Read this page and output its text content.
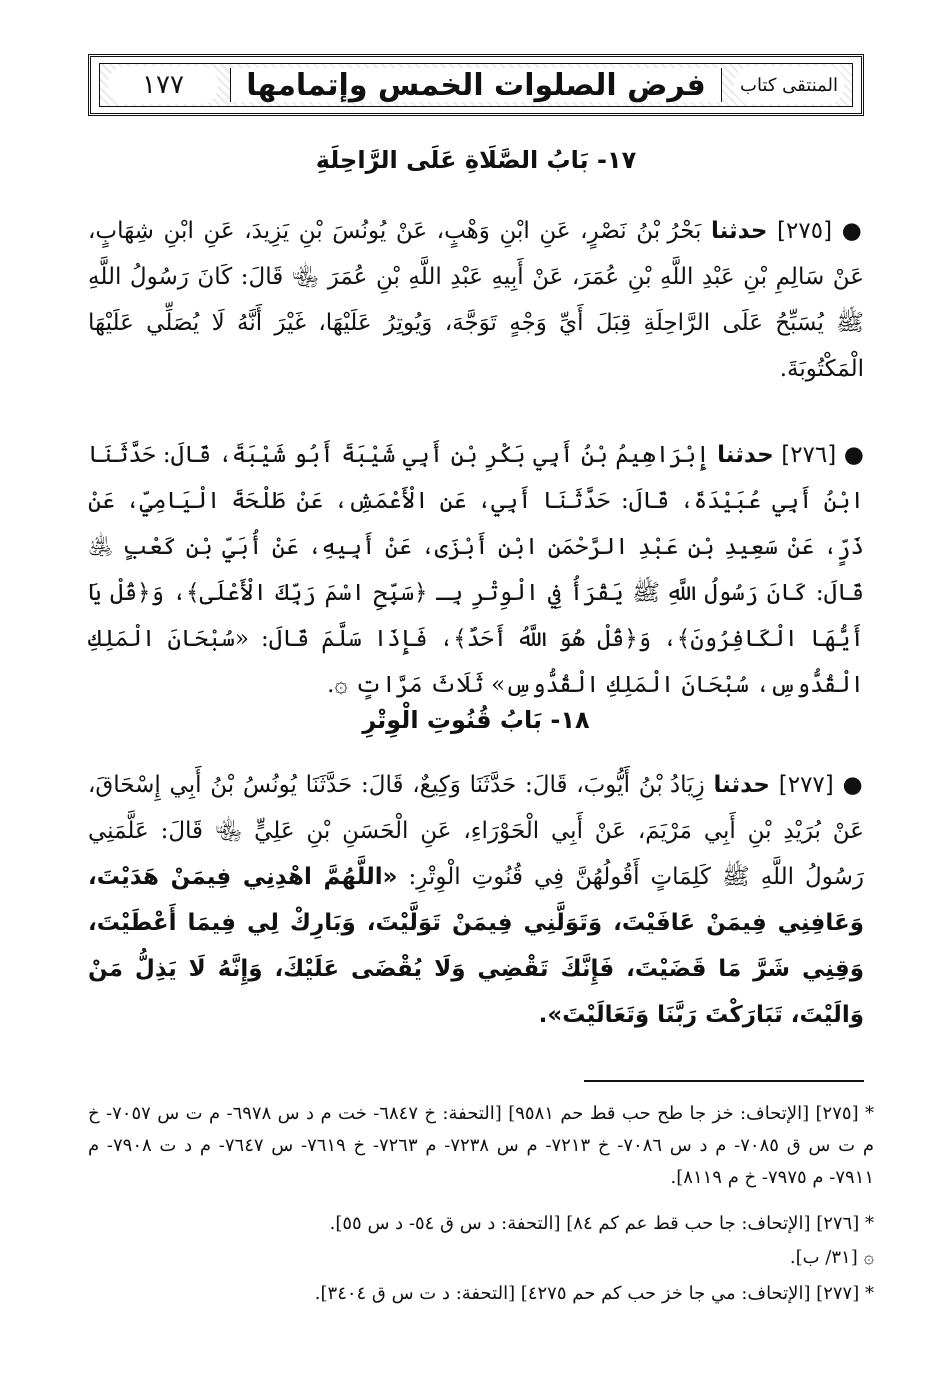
١٧٧	فرض الصلوات الخمس وإتمامها	المنتقى كتاب
١٧- بَابُ الصَّلَاةِ عَلَى الرَّاحِلَةِ
● [٢٧٥] حدثنا بَحْرُ بْنُ نَصْرٍ، عَنِ ابْنِ وَهْبٍ، عَنْ يُونُسَ بْنِ يَزِيدَ، عَنِ ابْنِ شِهَابٍ، عَنْ سَالِمِ بْنِ عَبْدِ اللَّهِ بْنِ عُمَرَ، عَنْ أَبِيهِ عَبْدِ اللَّهِ بْنِ عُمَرَ ﵄ قَالَ: كَانَ رَسُولُ اللَّهِ ﷺ يُسَبِّحُ عَلَى الرَّاحِلَةِ قِبَلَ أَيِّ وَجْهٍ تَوَجَّهَ، وَيُوتِرُ عَلَيْهَا، غَيْرَ أَنَّهُ لَا يُصَلِّي عَلَيْهَا الْمَكْتُوبَةَ.
● [٢٧٦] حدثنا إِبْرَاهِيمُ بْنُ أَبِي بَكْرِ بْنِ أَبِي شَيْبَةَ أَبُو شَيْبَةَ، قَالَ: حَدَّثَنَا ابْنُ أَبِي عُبَيْدَةَ، قَالَ: حَدَّثَنَا أَبِي، عَنِ الْأَعْمَشِ، عَنْ طَلْحَةَ الْيَامِيِّ، عَنْ ذَرٍّ، عَنْ سَعِيدِ بْنِ عَبْدِ الرَّحْمَنِ ابْنِ أَبْزَى، عَنْ أَبِيهِ، عَنْ أُبَيِّ بْنِ كَعْبٍ ﵁ قَالَ: كَانَ رَسُولُ اللَّهِ ﷺ يَقْرَأُ فِي الْوِتْرِ بِـ ﴿سَبِّحِ اسْمَ رَبِّكَ الْأَعْلَى﴾، وَ﴿قُلْ يَا أَيُّهَا الْكَافِرُونَ﴾، وَ﴿قُلْ هُوَ اللَّهُ أَحَدٌ﴾، فَإِذَا سَلَّمَ قَالَ: «سُبْحَانَ الْمَلِكِ الْقُدُّوسِ، سُبْحَانَ الْمَلِكِ الْقُدُّوسِ» ثَلَاثَ مَرَّاتٍ ۞.
١٨- بَابُ قُنُوتِ الْوِتْرِ
● [٢٧٧] حدثنا زِيَادُ بْنُ أَيُّوبَ، قَالَ: حَدَّثَنَا وَكِيعٌ، قَالَ: حَدَّثَنَا يُونُسُ بْنُ أَبِي إِسْحَاقَ، عَنْ بُرَيْدِ بْنِ أَبِي مَرْيَمَ، عَنْ أَبِي الْحَوْرَاءِ، عَنِ الْحَسَنِ بْنِ عَلِيٍّ ﵄ قَالَ: عَلَّمَنِي رَسُولُ اللَّهِ ﷺ كَلِمَاتٍ أَقُولُهُنَّ فِي قُنُوتِ الْوِتْرِ: «اللَّهُمَّ اهْدِنِي فِيمَنْ هَدَيْتَ، وَعَافِنِي فِيمَنْ عَافَيْتَ، وَتَوَلَّنِي فِيمَنْ تَوَلَّيْتَ، وَبَارِكْ لِي فِيمَا أَعْطَيْتَ، وَقِنِي شَرَّ مَا قَضَيْتَ، فَإِنَّكَ تَقْضِي وَلَا يُقْضَى عَلَيْكَ، وَإِنَّهُ لَا يَذِلُّ مَنْ وَالَيْتَ، تَبَارَكْتَ رَبَّنَا وَتَعَالَيْتَ».
* [٢٧٥] [الإتحاف: خز جا طح حب قط حم ٩٥٨١] [التحفة: خ ٦٨٤٧- خت م د س ٦٩٧٨- م ت س ٧٠٥٧- خ م ت س ق ٧٠٨٥- م د س ٧٠٨٦- خ ٧٢١٣- م س ٧٢٣٨- م ٧٢٦٣- خ ٧٦١٩- س ٧٦٤٧- م د ت ٧٩٠٨- م ٧٩١١- م ٧٩٧٥- خ م ٨١١٩].
* [٢٧٦] [الإتحاف: جا حب قط عم كم ٨٤] [التحفة: د س ق ٥٤- د س ٥٥].
۞ [٣١/ ب].
* [٢٧٧] [الإتحاف: مي جا خز حب كم حم ٤٢٧٥] [التحفة: د ت س ق ٣٤٠٤].
